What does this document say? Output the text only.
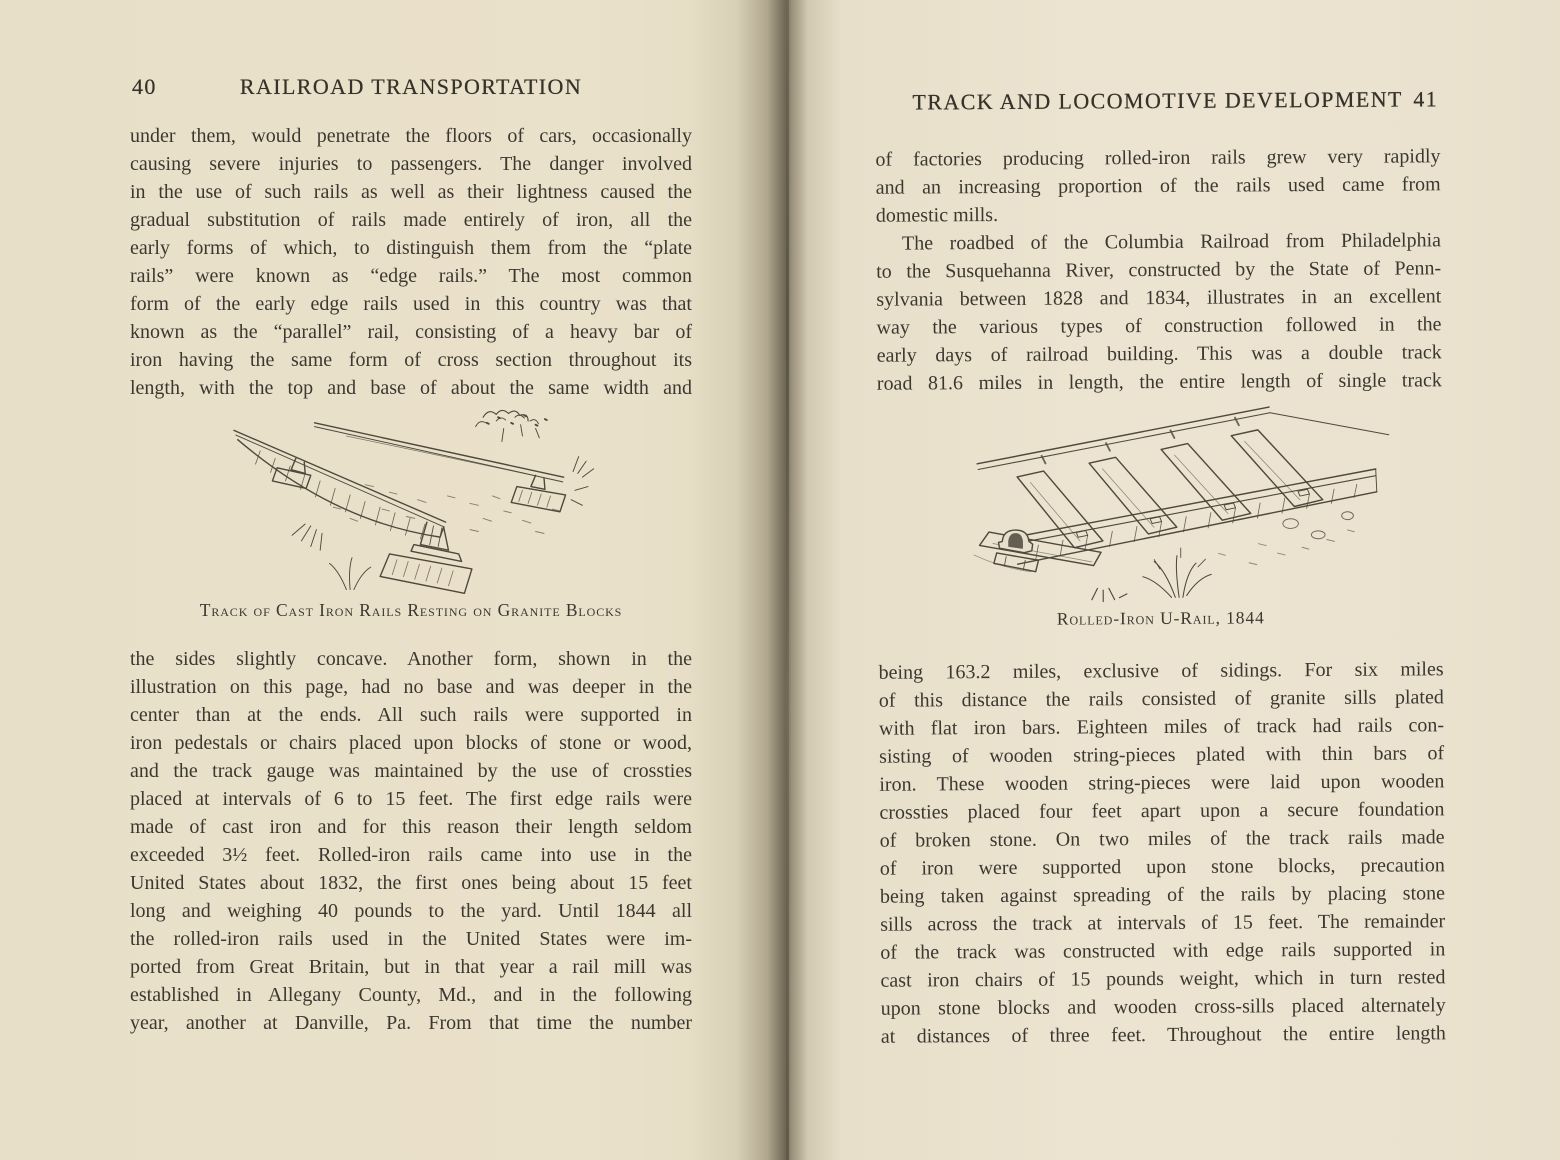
40	RAILROAD TRANSPORTATION
under them, would penetrate the floors of cars, occasionally
causing severe injuries to passengers. The danger involved
in the use of such rails as well as their lightness caused the
gradual substitution of rails made entirely of iron, all the
early forms of which, to distinguish them from the “plate
rails” were known as “edge rails.” The most common
form of the early edge rails used in this country was that
known as the “parallel” rail, consisting of a heavy bar of
iron having the same form of cross section throughout its
length, with the top and base of about the same width and
Track of Cast Iron Rails Resting on Granite Blocks
the sides slightly concave. Another form, shown in the
illustration on this page, had no base and was deeper in the
center than at the ends. All such rails were supported in
iron pedestals or chairs placed upon blocks of stone or wood,
and the track gauge was maintained by the use of crossties
placed at intervals of 6 to 15 feet. The first edge rails were
made of cast iron and for this reason their length seldom
exceeded 3½ feet. Rolled-iron rails came into use in the
United States about 1832, the first ones being about 15 feet
long and weighing 40 pounds to the yard. Until 1844 all
the rolled-iron rails used in the United States were im-
ported from Great Britain, but in that year a rail mill was
established in Allegany County, Md., and in the following
year, another at Danville, Pa. From that time the number
TRACK AND LOCOMOTIVE DEVELOPMENT 41
of factories producing rolled-iron rails grew very rapidly
and an increasing proportion of the rails used came from
domestic mills.
The roadbed of the Columbia Railroad from Philadelphia
to the Susquehanna River, constructed by the State of Penn-
sylvania between 1828 and 1834, illustrates in an excellent
way the various types of construction followed in the
early days of railroad building. This was a double track
road 81.6 miles in length, the entire length of single track
Rolled-Iron U-Rail, 1844
being 163.2 miles, exclusive of sidings. For six miles
of this distance the rails consisted of granite sills plated
with flat iron bars. Eighteen miles of track had rails con-
sisting of wooden string-pieces plated with thin bars of
iron. These wooden string-pieces were laid upon wooden
crossties placed four feet apart upon a secure foundation
of broken stone. On two miles of the track rails made
of iron were supported upon stone blocks, precaution
being taken against spreading of the rails by placing stone
sills across the track at intervals of 15 feet. The remainder
of the track was constructed with edge rails supported in
cast iron chairs of 15 pounds weight, which in turn rested
upon stone blocks and wooden cross-sills placed alternately
at distances of three feet. Throughout the entire length
